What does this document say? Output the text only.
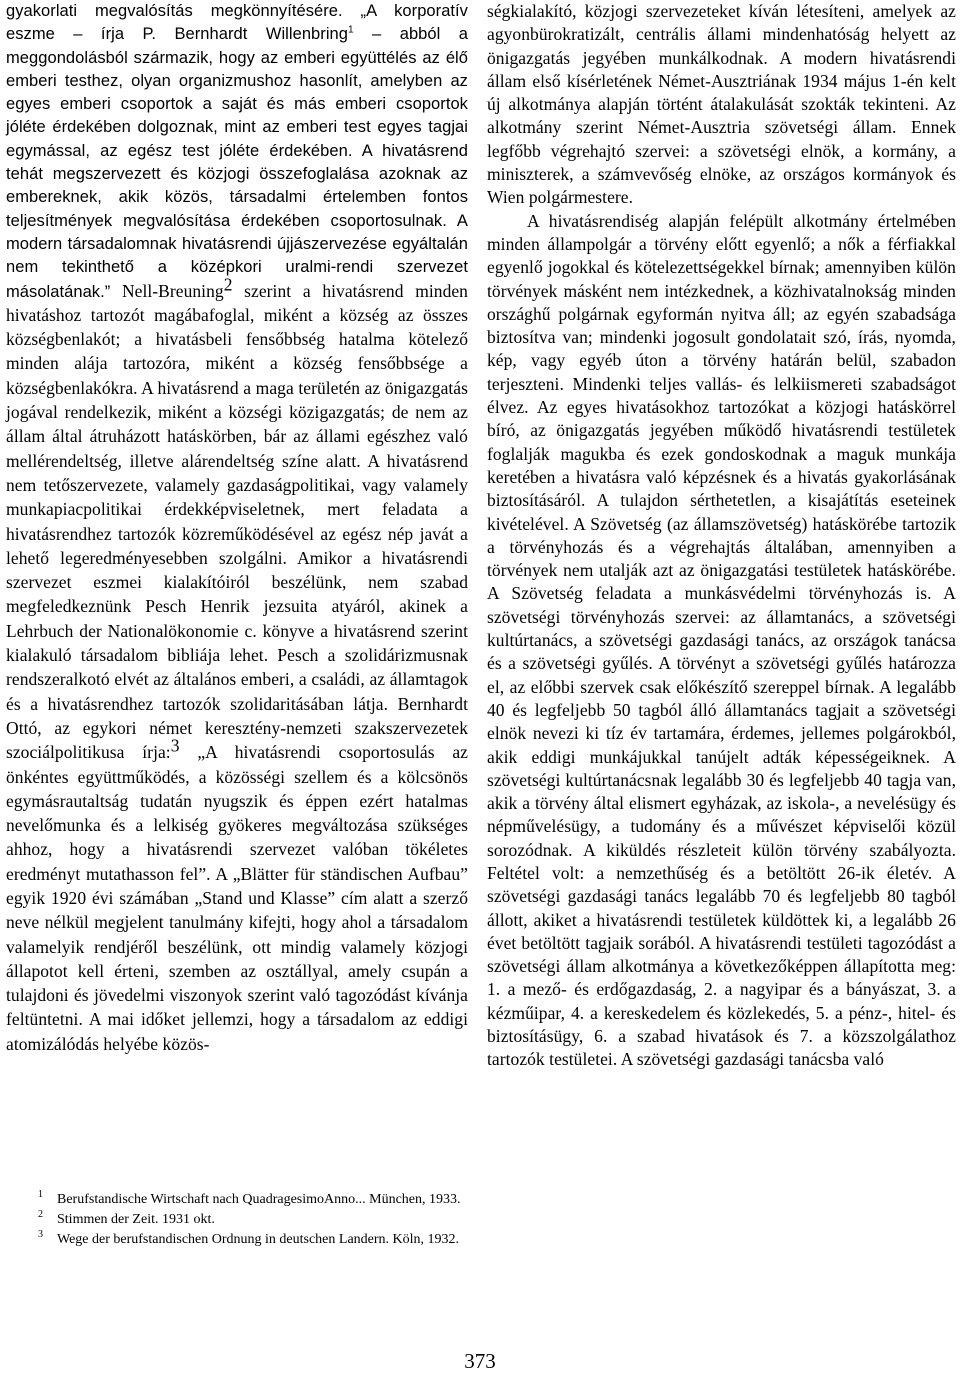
gyakorlati megvalósítás megkönnyítésére. „A korporatív eszme – írja P. Bernhardt Willenbring$^1$ – abból a meggondolásból származik, hogy az emberi együttélés az élő emberi testhez, olyan organizmushoz hasonlít, amelyben az egyes emberi csoportok a saját és más emberi csoportok jóléte érdekében dolgoznak, mint az emberi test egyes tagjai egymással, az egész test jóléte érdekében. A hivatásrend tehát megszervezett és közjogi összefoglalása azoknak az embereknek, akik közös, társadalmi értelemben fontos teljesítmények megvalósítása érdekében csoportosulnak. A modern társadalomnak hivatásrendi újjászervezése egyáltalán nem tekinthető a középkori uralmi-rendi szervezet másolatának.” Nell-Breuning$^2$ szerint a hivatásrend minden hivatáshoz tartozót magábafoglal, miként a község az összes községbenlakót; a hivatásbeli fensőbbség hatalma kötelező minden alája tartozóra, miként a község fensőbbsége a községbenlakókra. A hivatásrend a maga területén az önigazgatás jogával rendelkezik, miként a községi közigazgatás; de nem az állam által átruházott hatáskörben, bár az állami egészhez való mellérendeltség, illetve alárendeltség színe alatt. A hivatásrend nem tetőszervezete, valamely gazdaságpolitikai, vagy valamely munkapiacpolitikai érdekképviseletnek, mert feladata a hivatásrendhez tartozók közreműködésével az egész nép javát a lehető legeredményesebben szolgálni. Amikor a hivatásrendi szervezet eszmei kialakítóiról beszélünk, nem szabad megfeledkeznünk Pesch Henrik jezsuita atyáról, akinek a Lehrbuch der Nationalökonomie c. könyve a hivatásrend szerint kialakuló társadalom bibliája lehet. Pesch a szolidárizmusnak rendszeralkotó elvét az általános emberi, a családi, az államtagok és a hivatásrendhez tartozók szolidaritásában látja. Bernhardt Ottó, az egykori német keresztény-nemzeti szakszervezetek szociálpolitikusa írja:$^3$ „A hivatásrendi csoportosulás az önkéntes együttműködés, a közösségi szellem és a kölcsönös egymásrautaltság tudatán nyugszik és éppen ezért hatalmas nevelőmunka és a lelkiség gyökeres megváltozása szükséges ahhoz, hogy a hivatásrendi szervezet valóban tökéletes eredményt mutathasson fel”. A „Blätter für ständischen Aufbau” egyik 1920 évi számában „Stand und Klasse” cím alatt a szerző neve nélkül megjelent tanulmány kifejti, hogy ahol a társadalom valamelyik rendjéről beszélünk, ott mindig valamely közjogi állapotot kell érteni, szemben az osztállyal, amely csupán a tulajdoni és jövedelmi viszonyok szerint való tagozódást kívánja feltüntetni. A mai időket jellemzi, hogy a társadalom az eddigi atomizálódás helyébe közös-

$^1$ Berufstandische Wirtschaft nach QuadragesimoAnno... München, 1933.

$^2$ Stimmen der Zeit. 1931 okt.

$^3$ Wege der berufstandischen Ordnung in deutschen Landern. Köln, 1932.

ségkialakító, közjogi szervezeteket kíván létesíteni, amelyek az agyonbürokratizált, centrális állami mindenhatóság helyett az önigazgatás jegyében munkálkodnak. A modern hivatásrendi állam első kísérletének Német-Ausztriának 1934 május 1-én kelt új alkotmánya alapján történt átalakulását szokták tekinteni. Az alkotmány szerint Német-Ausztria szövetségi állam. Ennek legfőbb végrehajtó szervei: a szövetségi elnök, a kormány, a miniszterek, a számvevőség elnöke, az országos kormányok és Wien polgármestere.

A hivatásrendiség alapján felépült alkotmány értelmében minden állampolgár a törvény előtt egyenlő; a nők a férfiakkal egyenlő jogokkal és kötelezettségekkel bírnak; amennyiben külön törvények másként nem intézkednek, a közhivatalnokság minden országhű polgárnak egyformán nyitva áll; az egyén szabadsága biztosítva van; mindenki jogosult gondolatait szó, írás, nyomda, kép, vagy egyéb úton a törvény határán belül, szabadon terjeszteni. Mindenki teljes vallás- és lelkiismereti szabadságot élvez. Az egyes hivatásokhoz tartozókat a közjogi hatáskörrel bíró, az önigazgatás jegyében működő hivatásrendi testületek foglalják magukba és ezek gondoskodnak a maguk munkája keretében a hivatásra való képzésnek és a hivatás gyakorlásának biztosításáról. A tulajdon sérthetetlen, a kisajátítás eseteinek kivételével. A Szövetség (az államszövetség) hatáskörébe tartozik a törvényhozás és a végrehajtás általában, amennyiben a törvények nem utalják azt az önigazgatási testületek hatáskörébe. A Szövetség feladata a munkásvédelmi törvényhozás is. A szövetségi törvényhozás szervei: az államtanács, a szövetségi kultúrtanács, a szövetségi gazdasági tanács, az országok tanácsa és a szövetségi gyűlés. A törvényt a szövetségi gyűlés határozza el, az előbbi szervek csak előkészítő szereppel bírnak. A legalább 40 és legfeljebb 50 tagból álló államtanács tagjait a szövetségi elnök nevezi ki tíz év tartamára, érdemes, jellemes polgárokból, akik eddigi munkájukkal tanújelt adták képességeiknek. A szövetségi kultúrtanácsnak legalább 30 és legfeljebb 40 tagja van, akik a törvény által elismert egyházak, az iskola-, a nevelésügy és népművelésügy, a tudomány és a művészet képviselői közül sorozódnak. A kiküldés részleteit külön törvény szabályozta. Feltétel volt: a nemzethűség és a betöltött 26-ik életév. A szövetségi gazdasági tanács legalább 70 és legfeljebb 80 tagból állott, akiket a hivatásrendi testületek küldöttek ki, a legalább 26 évet betöltött tagjaik sorából. A hivatásrendi testületi tagozódást a szövetségi állam alkotmánya a következőképpen állapította meg: 1. a mező- és erdőgazdaság, 2. a nagyipar és a bányászat, 3. a kézműipar, 4. a kereskedelem és közlekedés, 5. a pénz-, hitel- és biztosításügy, 6. a szabad hivatások és 7. a közszolgálathoz tartozók testületei. A szövetségi gazdasági tanácsba való

373
